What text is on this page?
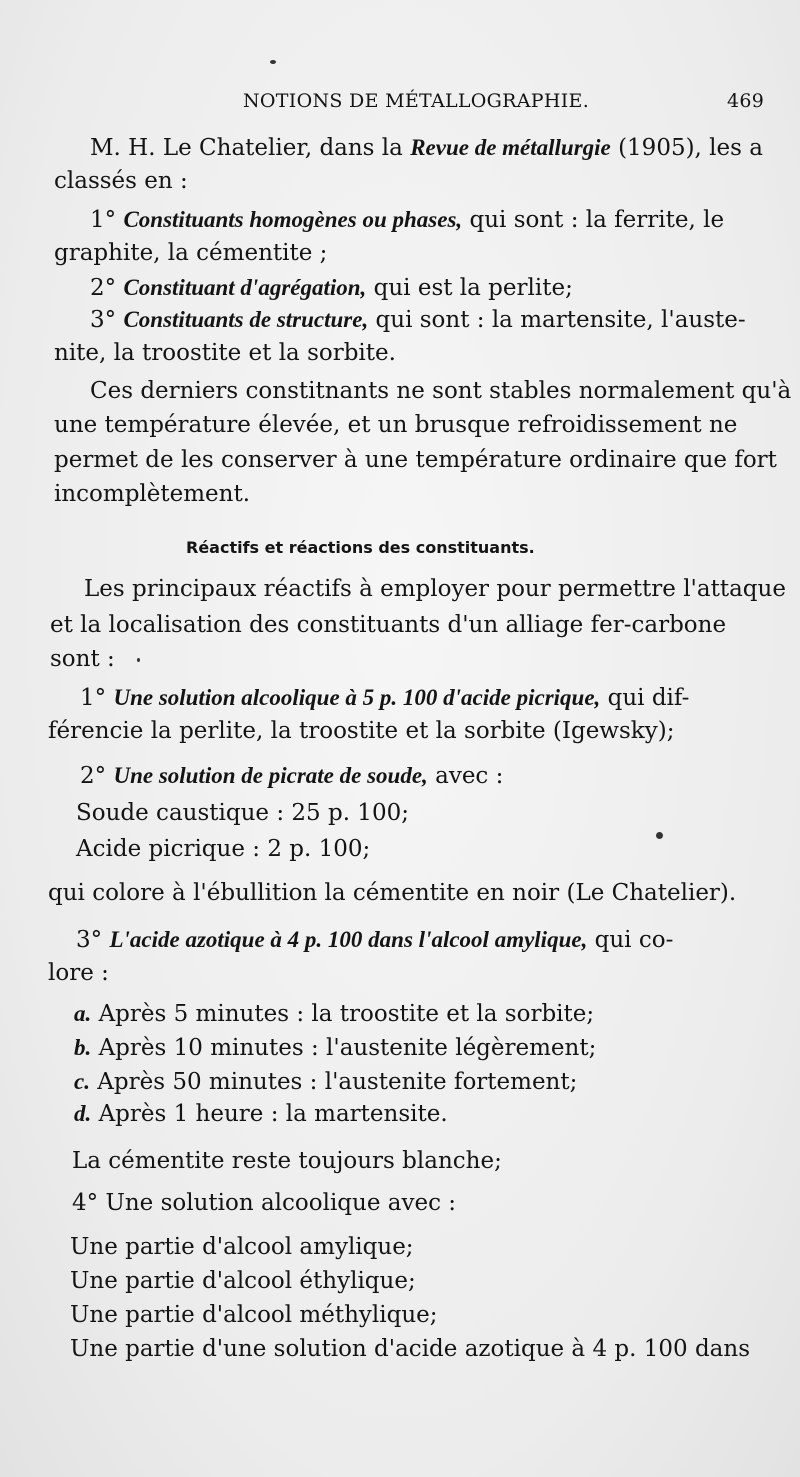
NOTIONS DE MÉTALLOGRAPHIE.	469
M. H. Le Chatelier, dans la Revue de métallurgie (1905), les a
classés en :
1° Constituants homogènes ou phases, qui sont : la ferrite, le
graphite, la cémentite ;
2° Constituant d'agrégation, qui est la perlite;
3° Constituants de structure, qui sont : la martensite, l'auste-
nite, la troostite et la sorbite.
Ces derniers constitnants ne sont stables normalement qu'à
une température élevée, et un brusque refroidissement ne
permet de les conserver à une température ordinaire que fort
incomplètement.
Réactifs et réactions des constituants.
Les principaux réactifs à employer pour permettre l'attaque
et la localisation des constituants d'un alliage fer-carbone
sont :
1° Une solution alcoolique à 5 p. 100 d'acide picrique, qui dif-
férencie la perlite, la troostite et la sorbite (Igewsky);
2° Une solution de picrate de soude, avec :
Soude caustique : 25 p. 100;
Acide picrique : 2 p. 100;
qui colore à l'ébullition la cémentite en noir (Le Chatelier).
3° L'acide azotique à 4 p. 100 dans l'alcool amylique, qui co-
lore :
a. Après 5 minutes : la troostite et la sorbite;
b. Après 10 minutes : l'austenite légèrement;
c. Après 50 minutes : l'austenite fortement;
d. Après 1 heure : la martensite.
La cémentite reste toujours blanche;
4° Une solution alcoolique avec :
Une partie d'alcool amylique;
Une partie d'alcool éthylique;
Une partie d'alcool méthylique;
Une partie d'une solution d'acide azotique à 4 p. 100 dans
